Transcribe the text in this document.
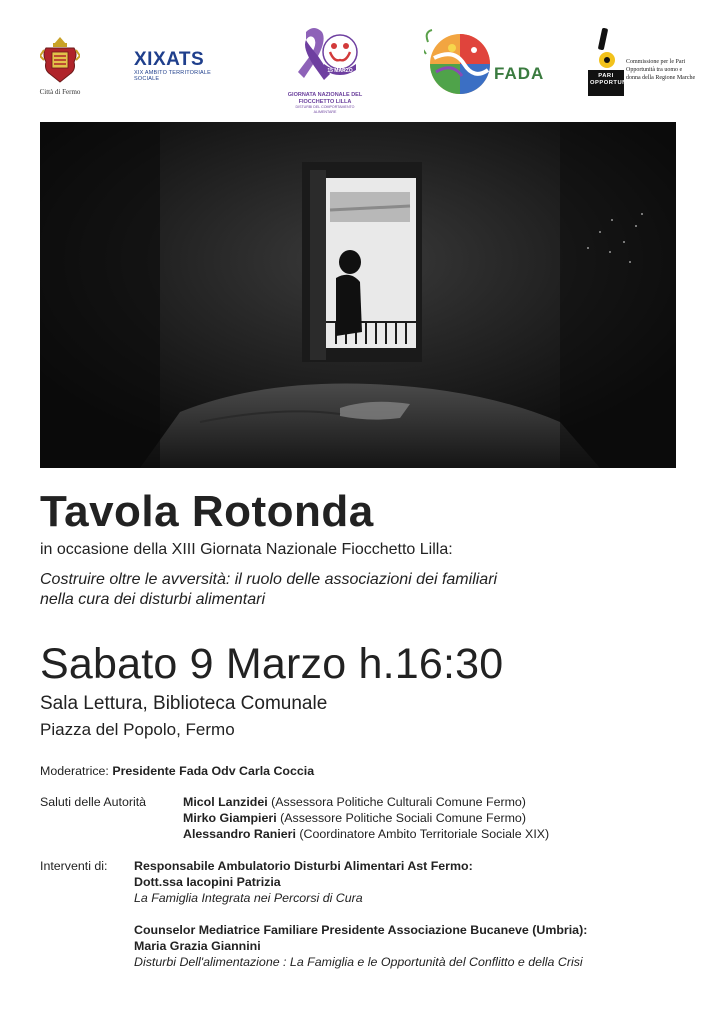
Città di Fermo
XIXATS
XIX AMBITO TERRITORIALE SOCIALE
15 MARZO
GIORNATA NAZIONALE DEL FIOCCHETTO LILLA
DISTURBI DEL COMPORTAMENTO ALIMENTARE
FADA	PARI OPPORTUNITÀ
Commissione per le Pari Opportunità tra uomo e donna della Regione Marche
Tavola Rotonda
in occasione della XIII Giornata Nazionale Fiocchetto Lilla:
Costruire oltre le avversità: il ruolo delle associazioni dei familiari
nella cura dei disturbi alimentari
Sabato 9 Marzo h.16:30
Sala Lettura, Biblioteca Comunale
Piazza del Popolo, Fermo
Moderatrice: Presidente Fada Odv Carla Coccia
Saluti delle Autorità	Micol Lanzidei (Assessora Politiche Culturali Comune Fermo)
Mirko Giampieri (Assessore Politiche Sociali Comune Fermo)
Alessandro Ranieri (Coordinatore Ambito Territoriale Sociale XIX)
Interventi di: Responsabile Ambulatorio Disturbi Alimentari Ast Fermo:
Dott.ssa Iacopini Patrizia
La Famiglia Integrata nei Percorsi di Cura
Counselor Mediatrice Familiare Presidente Associazione Bucaneve (Umbria):
Maria Grazia Giannini
Disturbi Dell'alimentazione : La Famiglia e le Opportunità del Conflitto e della Crisi
